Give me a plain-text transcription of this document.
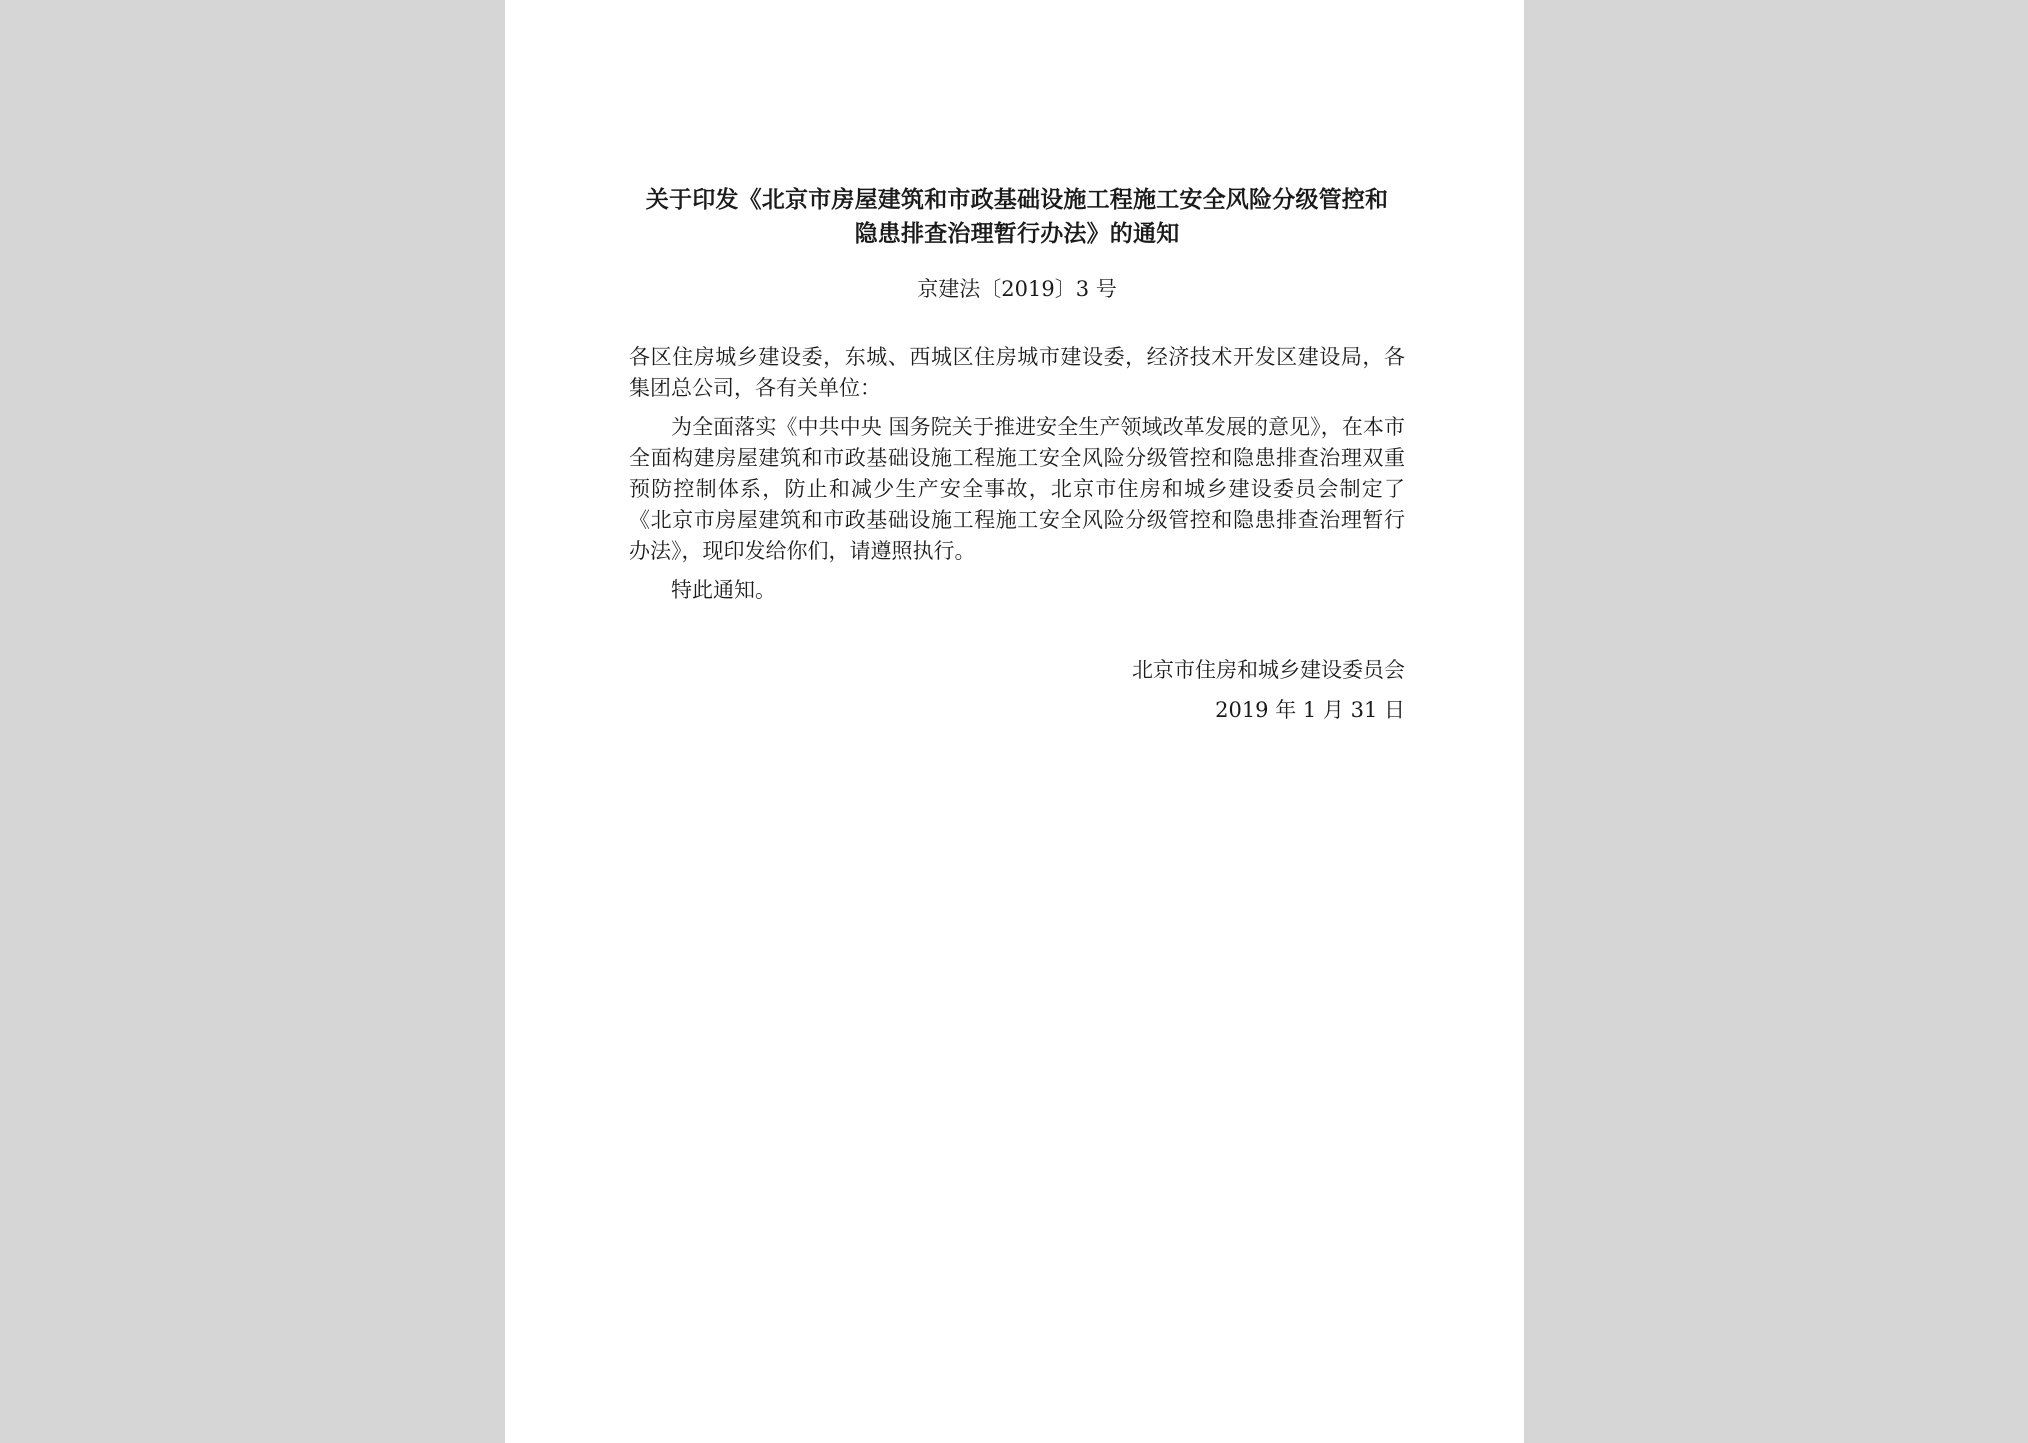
关于印发《北京市房屋建筑和市政基础设施工程施工安全风险分级管控和
隐患排查治理暂行办法》的通知
京建法〔2019〕3 号
各区住房城乡建设委，东城、西城区住房城市建设委，经济技术开发区建设局，各集团总公司，各有关单位：
为全面落实《中共中央 国务院关于推进安全生产领域改革发展的意见》，在本市全面构建房屋建筑和市政基础设施工程施工安全风险分级管控和隐患排查治理双重预防控制体系，防止和减少生产安全事故，北京市住房和城乡建设委员会制定了《北京市房屋建筑和市政基础设施工程施工安全风险分级管控和隐患排查治理暂行办法》，现印发给你们，请遵照执行。
特此通知。
北京市住房和城乡建设委员会
2019 年 1 月 31 日
